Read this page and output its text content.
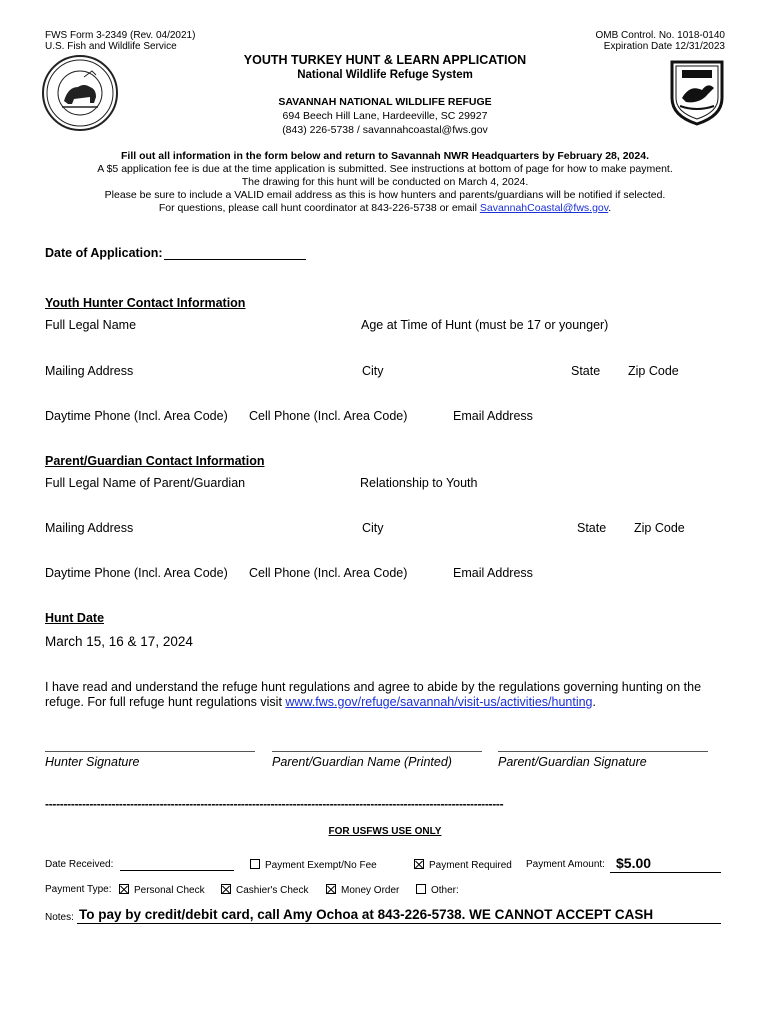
FWS Form 3-2349 (Rev. 04/2021)
U.S. Fish and Wildlife Service
OMB Control. No. 1018-0140
Expiration Date 12/31/2023
YOUTH TURKEY HUNT & LEARN APPLICATION
National Wildlife Refuge System
SAVANNAH NATIONAL WILDLIFE REFUGE
694 Beech Hill Lane, Hardeeville, SC 29927
(843) 226-5738 / savannahcoastal@fws.gov
Fill out all information in the form below and return to Savannah NWR Headquarters by February 28, 2024.
A $5 application fee is due at the time application is submitted. See instructions at bottom of page for how to make payment.
The drawing for this hunt will be conducted on March 4, 2024.
Please be sure to include a VALID email address as this is how hunters and parents/guardians will be notified if selected.
For questions, please call hunt coordinator at 843-226-5738 or email SavannahCoastal@fws.gov.
Date of Application:
Youth Hunter Contact Information
Full Legal Name	Age at Time of Hunt (must be 17 or younger)
Mailing Address	City	State Zip Code
Daytime Phone (Incl. Area Code) Cell Phone (Incl. Area Code)	Email Address
Parent/Guardian Contact Information
Full Legal Name of Parent/Guardian	Relationship to Youth
Mailing Address	City	State Zip Code
Daytime Phone (Incl. Area Code) Cell Phone (Incl. Area Code)	Email Address
Hunt Date
March 15, 16 & 17, 2024
I have read and understand the refuge hunt regulations and agree to abide by the regulations governing hunting on the
refuge. For full refuge hunt regulations visit www.fws.gov/refuge/savannah/visit-us/activities/hunting.
Hunter Signature	Parent/Guardian Name (Printed)	Parent/Guardian Signature
----------------------------------------------------------------------------------------------------------------------------
FOR USFWS USE ONLY
Date Received:	Payment Exempt/No Fee	Payment Required Payment Amount: $5.00
Payment Type:	Personal Check	Cashier's Check	Money Order	Other:
Notes: To pay by credit/debit card, call Amy Ochoa at 843-226-5738. WE CANNOT ACCEPT CASH
